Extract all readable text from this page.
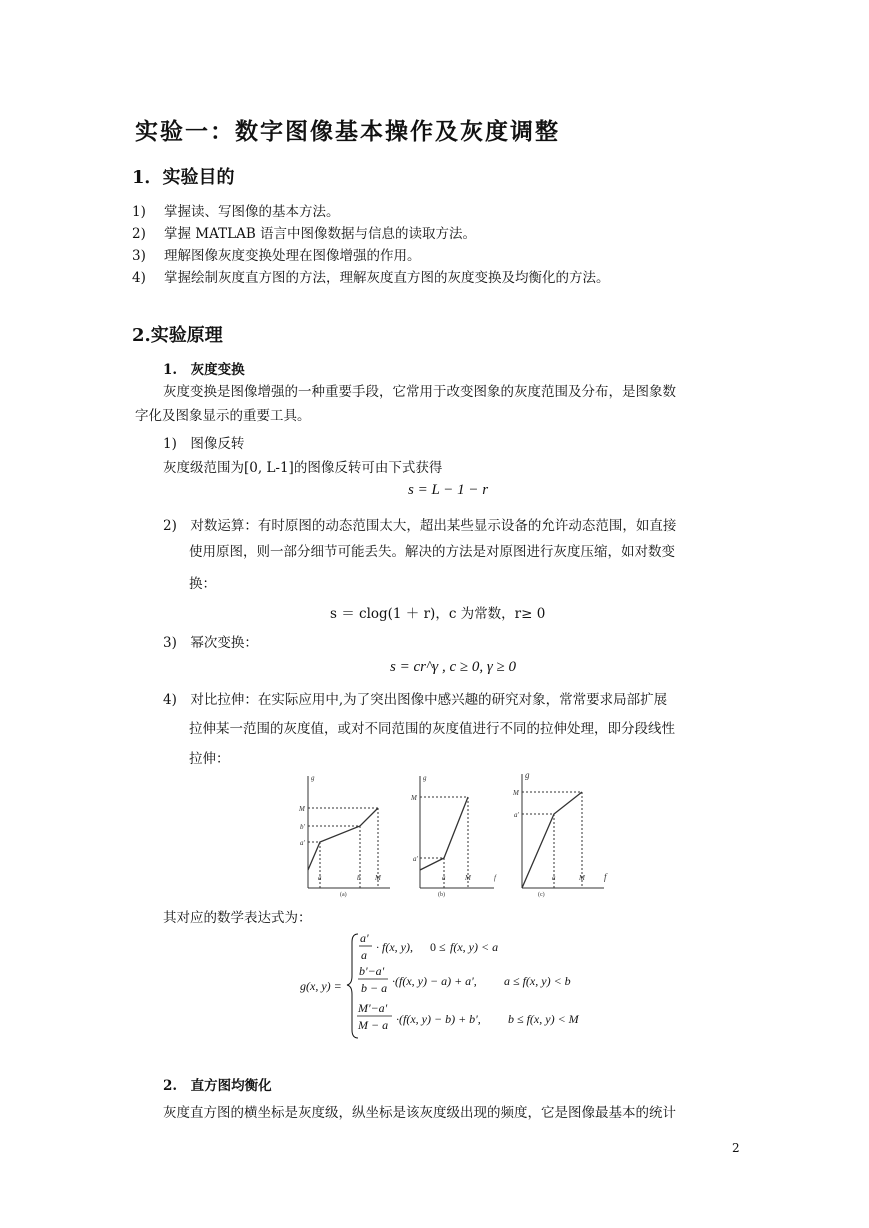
实验一：数字图像基本操作及灰度调整
1．实验目的
1) 掌握读、写图像的基本方法。
2) 掌握 MATLAB 语言中图像数据与信息的读取方法。
3) 理解图像灰度变换处理在图像增强的作用。
4) 掌握绘制灰度直方图的方法，理解灰度直方图的灰度变换及均衡化的方法。
2.实验原理
1.　灰度变换
灰度变换是图像增强的一种重要手段，它常用于改变图象的灰度范围及分布，是图象数
字化及图象显示的重要工具。
1)　图像反转
灰度级范围为[0, L-1]的图像反转可由下式获得
s = L − 1 − r
2)　对数运算：有时原图的动态范围太大，超出某些显示设备的允许动态范围，如直接
使用原图，则一部分细节可能丢失。解决的方法是对原图进行灰度压缩，如对数变
换：
s ＝ clog(1 ＋ r)，c 为常数，r≥ 0
3)　幂次变换：
s = cr^γ , c ≥ 0, γ ≥ 0
4)　对比拉伸：在实际应用中,为了突出图像中感兴趣的研究对象，常常要求局部扩展
拉伸某一范围的灰度值，或对不同范围的灰度值进行不同的拉伸处理，即分段线性
拉伸：
g
M
b'
a'
a	b M
g
M
a'
a	M	f
g
M
a'
a	M f
(a)	(b)	(c)
其对应的数学表达式为：
g(x, y) =
a'
a
· f(x, y), 0 ≤ f(x, y) < a
b'−a'
b − a ·(f(x, y) − a) + a', a ≤ f(x, y) < b
M'−a'
M − a ·(f(x, y) − b) + b', b ≤ f(x, y) < M
2.　直方图均衡化
灰度直方图的横坐标是灰度级，纵坐标是该灰度级出现的频度，它是图像最基本的统计
2
